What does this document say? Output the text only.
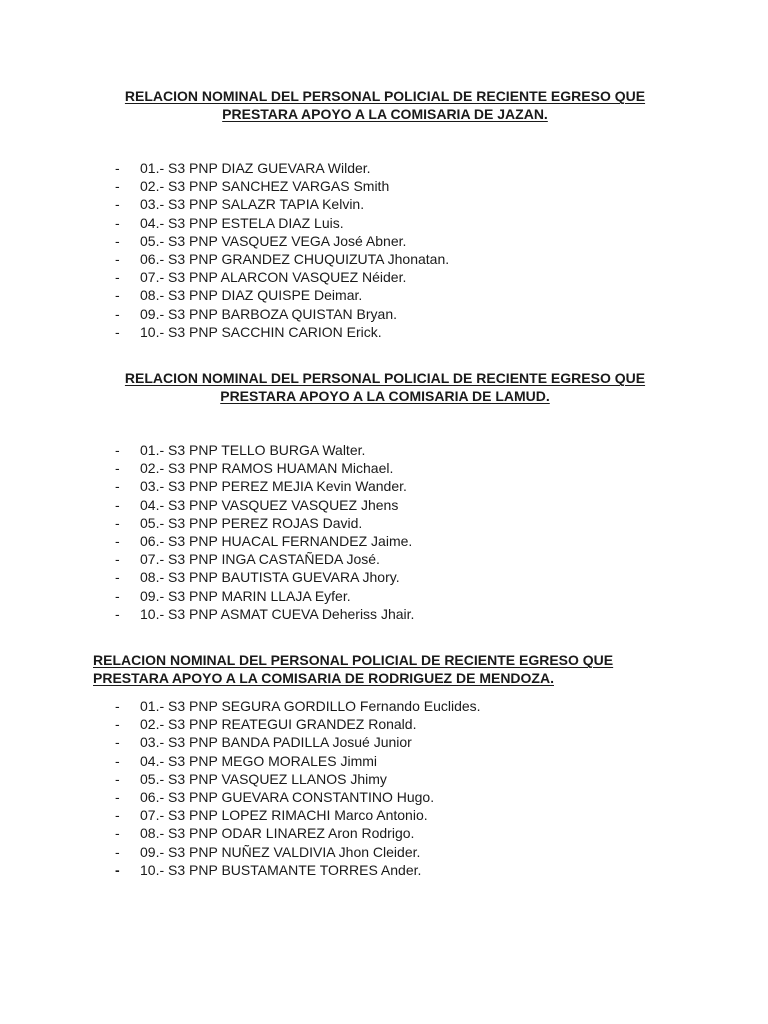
RELACION NOMINAL DEL PERSONAL POLICIAL DE RECIENTE EGRESO QUE
PRESTARA APOYO A LA COMISARIA DE JAZAN.
- 01.- S3 PNP DIAZ GUEVARA Wilder.
- 02.- S3 PNP SANCHEZ VARGAS Smith
- 03.- S3 PNP SALAZR TAPIA Kelvin.
- 04.- S3 PNP ESTELA DIAZ Luis.
- 05.- S3 PNP VASQUEZ VEGA José Abner.
- 06.- S3 PNP GRANDEZ CHUQUIZUTA Jhonatan.
- 07.- S3 PNP ALARCON VASQUEZ Néider.
- 08.- S3 PNP DIAZ QUISPE Deimar.
- 09.- S3 PNP BARBOZA QUISTAN Bryan.
- 10.- S3 PNP SACCHIN CARION Erick.
RELACION NOMINAL DEL PERSONAL POLICIAL DE RECIENTE EGRESO QUE
PRESTARA APOYO A LA COMISARIA DE LAMUD.
- 01.- S3 PNP TELLO BURGA Walter.
- 02.- S3 PNP RAMOS HUAMAN Michael.
- 03.- S3 PNP PEREZ MEJIA Kevin Wander.
- 04.- S3 PNP VASQUEZ VASQUEZ Jhens
- 05.- S3 PNP PEREZ ROJAS David.
- 06.- S3 PNP HUACAL FERNANDEZ Jaime.
- 07.- S3 PNP INGA CASTAÑEDA José.
- 08.- S3 PNP BAUTISTA GUEVARA Jhory.
- 09.- S3 PNP MARIN LLAJA Eyfer.
- 10.- S3 PNP ASMAT CUEVA Deheriss Jhair.
RELACION NOMINAL DEL PERSONAL POLICIAL DE RECIENTE EGRESO QUE
PRESTARA APOYO A LA COMISARIA DE RODRIGUEZ DE MENDOZA.
- 01.- S3 PNP SEGURA GORDILLO Fernando Euclides.
- 02.- S3 PNP REATEGUI GRANDEZ Ronald.
- 03.- S3 PNP BANDA PADILLA Josué Junior
- 04.- S3 PNP MEGO MORALES Jimmi
- 05.- S3 PNP VASQUEZ LLANOS Jhimy
- 06.- S3 PNP GUEVARA CONSTANTINO Hugo.
- 07.- S3 PNP LOPEZ RIMACHI Marco Antonio.
- 08.- S3 PNP ODAR LINAREZ Aron Rodrigo.
- 09.- S3 PNP NUÑEZ VALDIVIA Jhon Cleider.
- 10.- S3 PNP BUSTAMANTE TORRES Ander.
